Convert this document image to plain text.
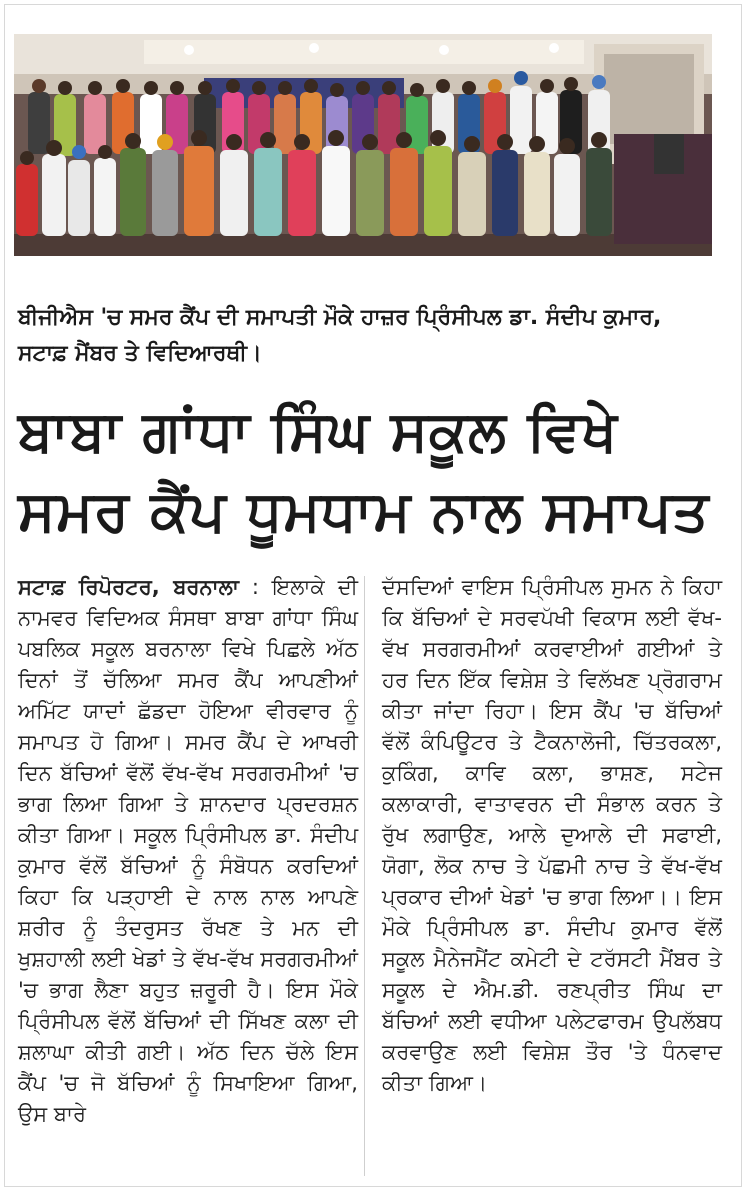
ਬੀਜੀਐਸ 'ਚ ਸਮਰ ਕੈਂਪ ਦੀ ਸਮਾਪਤੀ ਮੌਕੇ ਹਾਜ਼ਰ ਪ੍ਰਿੰਸੀਪਲ ਡਾ. ਸੰਦੀਪ ਕੁਮਾਰ, ਸਟਾਫ਼ ਮੈਂਬਰ ਤੇ ਵਿਦਿਆਰਥੀ।
ਬਾਬਾ ਗਾਂਧਾ ਸਿੰਘ ਸਕੂਲ ਵਿਖੇ ਸਮਰ ਕੈਂਪ ਧੂਮਧਾਮ ਨਾਲ ਸਮਾਪਤ
ਸਟਾਫ਼ ਰਿਪੋਰਟਰ, ਬਰਨਾਲਾ : ਇਲਾਕੇ ਦੀ ਨਾਮਵਰ ਵਿਦਿਅਕ ਸੰਸਥਾ ਬਾਬਾ ਗਾਂਧਾ ਸਿੰਘ ਪਬਲਿਕ ਸਕੂਲ ਬਰਨਾਲਾ ਵਿਖੇ ਪਿਛਲੇ ਅੱਠ ਦਿਨਾਂ ਤੋਂ ਚੱਲਿਆ ਸਮਰ ਕੈਂਪ ਆਪਣੀਆਂ ਅਮਿੱਟ ਯਾਦਾਂ ਛੱਡਦਾ ਹੋਇਆ ਵੀਰਵਾਰ ਨੂੰ ਸਮਾਪਤ ਹੋ ਗਿਆ। ਸਮਰ ਕੈਂਪ ਦੇ ਆਖਰੀ ਦਿਨ ਬੱਚਿਆਂ ਵੱਲੋਂ ਵੱਖ-ਵੱਖ ਸਰਗਰਮੀਆਂ 'ਚ ਭਾਗ ਲਿਆ ਗਿਆ ਤੇ ਸ਼ਾਨਦਾਰ ਪ੍ਰਦਰਸ਼ਨ ਕੀਤਾ ਗਿਆ। ਸਕੂਲ ਪ੍ਰਿੰਸੀਪਲ ਡਾ. ਸੰਦੀਪ ਕੁਮਾਰ ਵੱਲੋਂ ਬੱਚਿਆਂ ਨੂੰ ਸੰਬੋਧਨ ਕਰਦਿਆਂ ਕਿਹਾ ਕਿ ਪੜ੍ਹਾਈ ਦੇ ਨਾਲ ਨਾਲ ਆਪਣੇ ਸ਼ਰੀਰ ਨੂੰ ਤੰਦਰੁਸਤ ਰੱਖਣ ਤੇ ਮਨ ਦੀ ਖੁਸ਼ਹਾਲੀ ਲਈ ਖੇਡਾਂ ਤੇ ਵੱਖ-ਵੱਖ ਸਰਗਰਮੀਆਂ 'ਚ ਭਾਗ ਲੈਣਾ ਬਹੁਤ ਜ਼ਰੂਰੀ ਹੈ। ਇਸ ਮੌਕੇ ਪ੍ਰਿੰਸੀਪਲ ਵੱਲੋਂ ਬੱਚਿਆਂ ਦੀ ਸਿੱਖਣ ਕਲਾ ਦੀ ਸ਼ਲਾਘਾ ਕੀਤੀ ਗਈ। ਅੱਠ ਦਿਨ ਚੱਲੇ ਇਸ ਕੈਂਪ 'ਚ ਜੋ ਬੱਚਿਆਂ ਨੂੰ ਸਿਖਾਇਆ ਗਿਆ, ਉਸ ਬਾਰੇ
ਦੱਸਦਿਆਂ ਵਾਇਸ ਪ੍ਰਿੰਸੀਪਲ ਸੁਮਨ ਨੇ ਕਿਹਾ ਕਿ ਬੱਚਿਆਂ ਦੇ ਸਰਵਪੱਖੀ ਵਿਕਾਸ ਲਈ ਵੱਖ-ਵੱਖ ਸਰਗਰਮੀਆਂ ਕਰਵਾਈਆਂ ਗਈਆਂ ਤੇ ਹਰ ਦਿਨ ਇੱਕ ਵਿਸ਼ੇਸ਼ ਤੇ ਵਿਲੱਖਣ ਪ੍ਰੋਗਰਾਮ ਕੀਤਾ ਜਾਂਦਾ ਰਿਹਾ। ਇਸ ਕੈਂਪ 'ਚ ਬੱਚਿਆਂ ਵੱਲੋਂ ਕੰਪਿਊਟਰ ਤੇ ਟੈਕਨਾਲੋਜੀ, ਚਿੱਤਰਕਲਾ, ਕੁਕਿੰਗ, ਕਾਵਿ ਕਲਾ, ਭਾਸ਼ਣ, ਸਟੇਜ ਕਲਾਕਾਰੀ, ਵਾਤਾਵਰਨ ਦੀ ਸੰਭਾਲ ਕਰਨ ਤੇ ਰੁੱਖ ਲਗਾਉਣ, ਆਲੇ ਦੁਆਲੇ ਦੀ ਸਫਾਈ, ਯੋਗਾ, ਲੋਕ ਨਾਚ ਤੇ ਪੱਛਮੀ ਨਾਚ ਤੇ ਵੱਖ-ਵੱਖ ਪ੍ਰਕਾਰ ਦੀਆਂ ਖੇਡਾਂ 'ਚ ਭਾਗ ਲਿਆ।। ਇਸ ਮੌਕੇ ਪ੍ਰਿੰਸੀਪਲ ਡਾ. ਸੰਦੀਪ ਕੁਮਾਰ ਵੱਲੋਂ ਸਕੂਲ ਮੈਨੇਜਮੈਂਟ ਕਮੇਟੀ ਦੇ ਟਰੱਸਟੀ ਮੈਂਬਰ ਤੇ ਸਕੂਲ ਦੇ ਐਮ.ਡੀ. ਰਣਪ੍ਰੀਤ ਸਿੰਘ ਦਾ ਬੱਚਿਆਂ ਲਈ ਵਧੀਆ ਪਲੇਟਫਾਰਮ ਉਪਲੱਬਧ ਕਰਵਾਉਣ ਲਈ ਵਿਸ਼ੇਸ਼ ਤੌਰ 'ਤੇ ਧੰਨਵਾਦ ਕੀਤਾ ਗਿਆ।
